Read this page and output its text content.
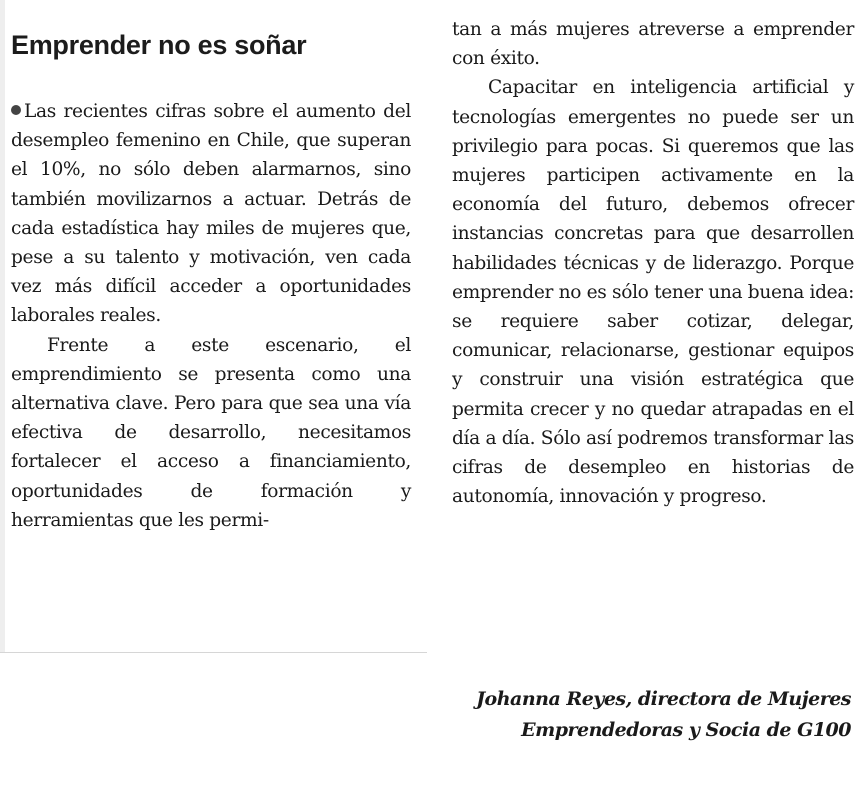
Emprender no es soñar

Las recientes cifras sobre el aumento del desempleo femenino en Chile, que superan el 10%, no sólo deben alarmarnos, sino también movilizarnos a actuar. Detrás de cada estadística hay miles de mujeres que, pese a su talento y motivación, ven cada vez más difícil acceder a oportunidades laborales reales.

Frente a este escenario, el emprendimiento se presenta como una alternativa clave. Pero para que sea una vía efectiva de desarrollo, necesitamos fortalecer el acceso a financiamiento, oportunidades de formación y herramientas que les permi-

tan a más mujeres atreverse a emprender con éxito.

Capacitar en inteligencia artificial y tecnologías emergentes no puede ser un privilegio para pocas. Si queremos que las mujeres participen activamente en la economía del futuro, debemos ofrecer instancias concretas para que desarrollen habilidades técnicas y de liderazgo. Porque emprender no es sólo tener una buena idea: se requiere saber cotizar, delegar, comunicar, relacionarse, gestionar equipos y construir una visión estratégica que permita crecer y no quedar atrapadas en el día a día. Sólo así podremos transformar las cifras de desempleo en historias de autonomía, innovación y progreso.

Johanna Reyes, directora de Mujeres Emprendedoras y Socia de G100
